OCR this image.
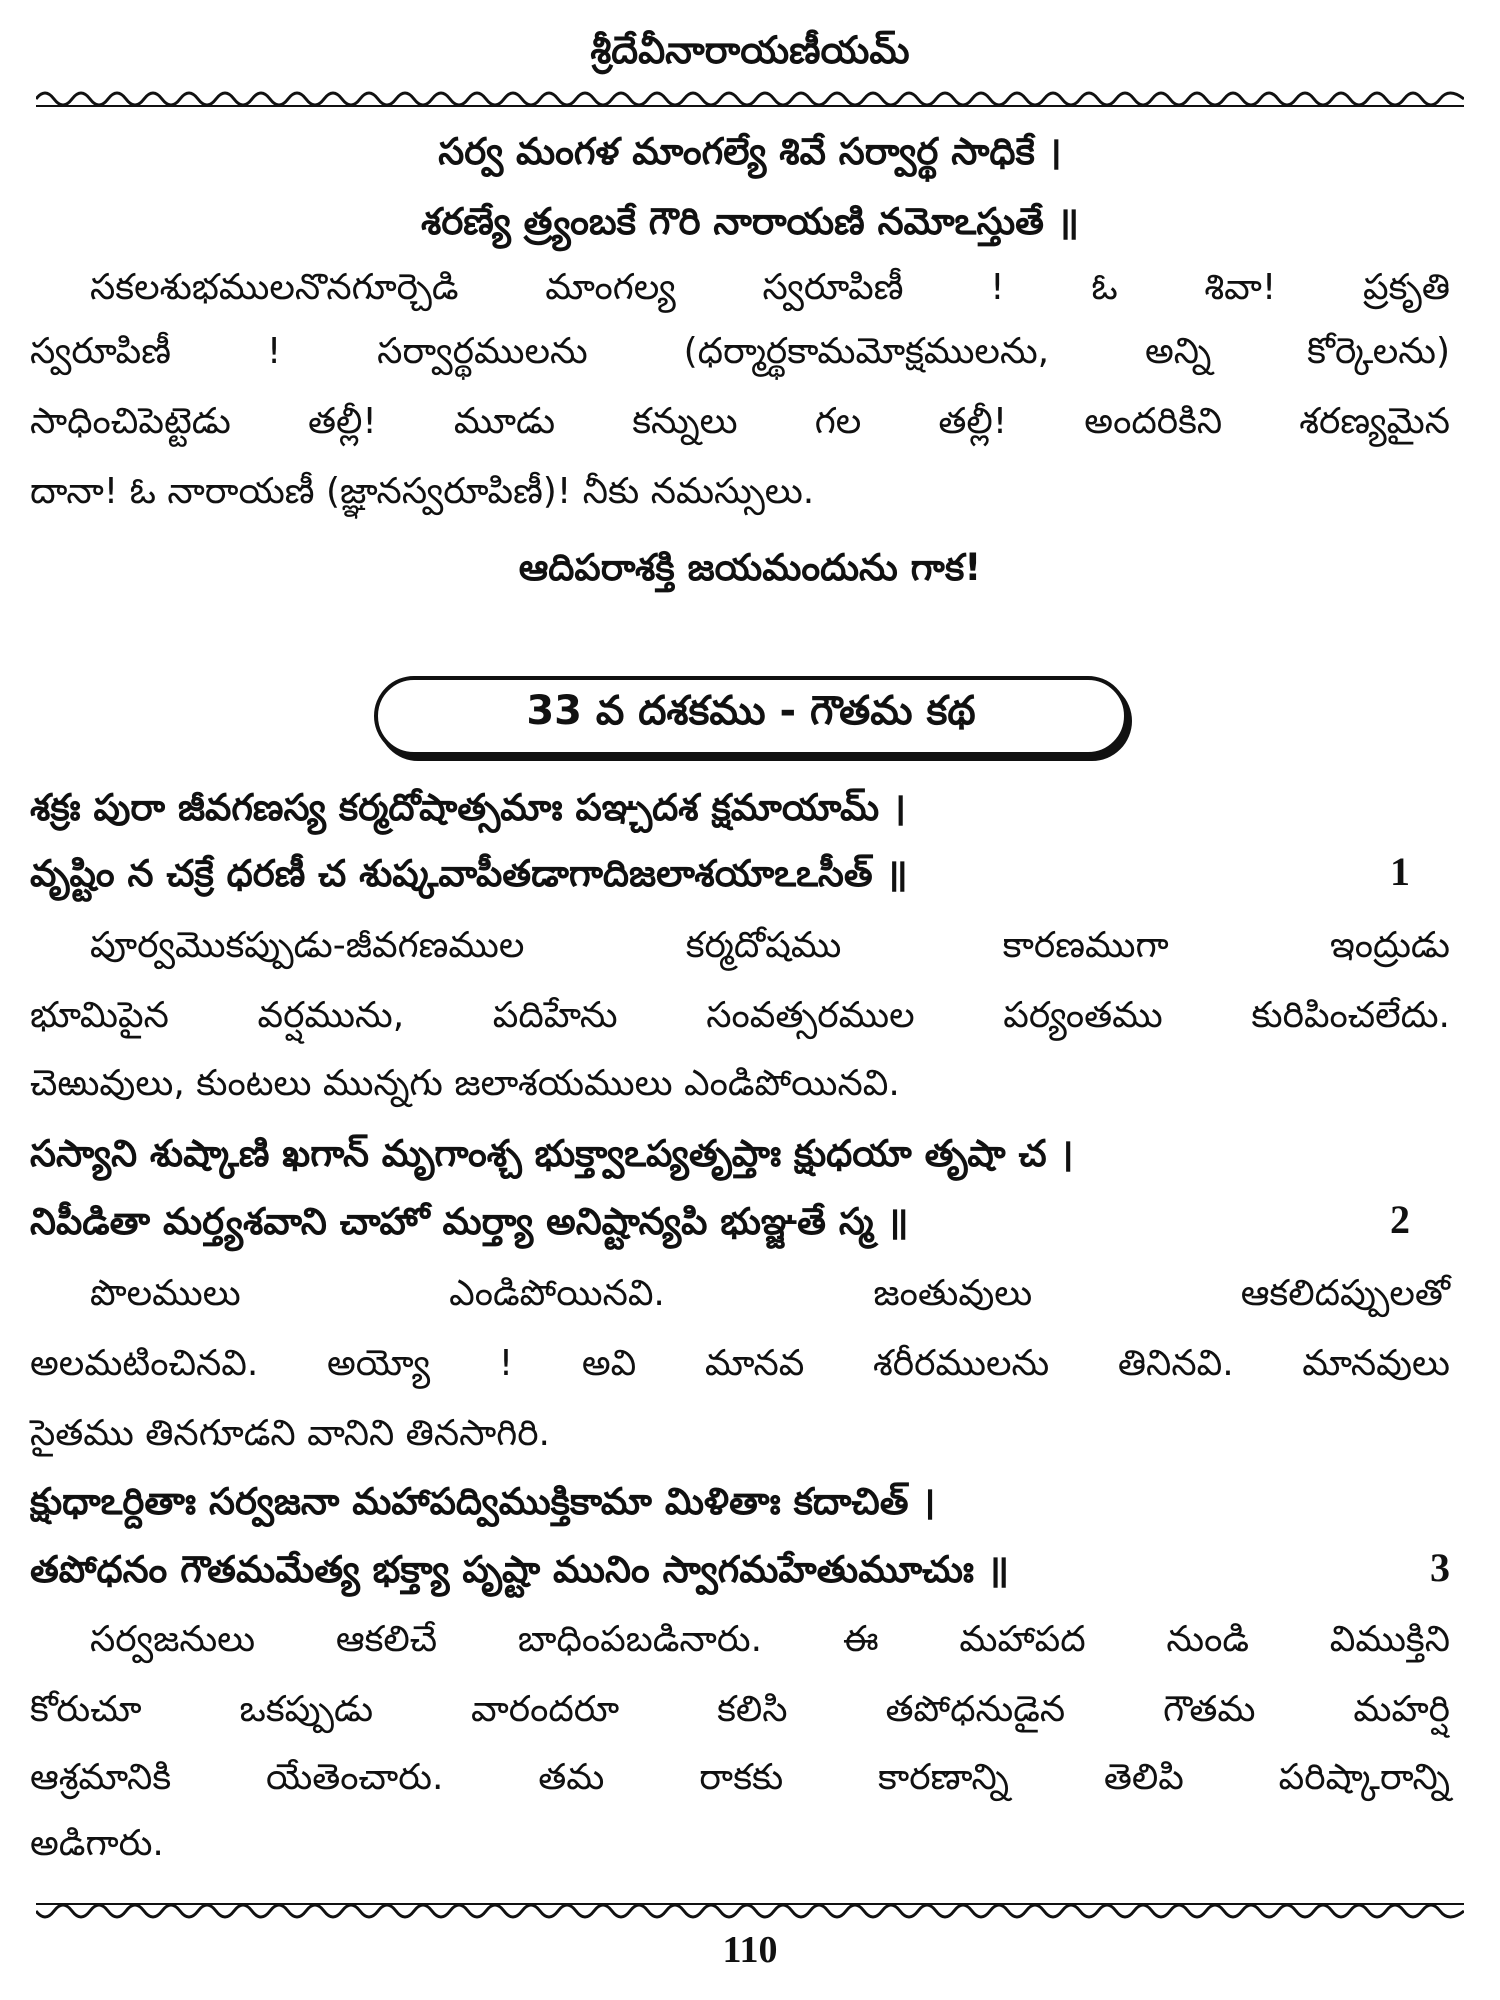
శ్రీదేవీనారాయణీయమ్
సర్వ మంగళ మాంగల్యే శివే సర్వార్థ సాధికే ।
శరణ్యే త్ర్యంబకే గౌరి నారాయణి నమోఽస్తుతే ॥
సకలశుభములనొనగూర్చెడి మాంగల్య స్వరూపిణీ ! ఓ శివా! ప్రకృతి
స్వరూపిణీ ! సర్వార్థములను (ధర్మార్థకామమోక్షములను, అన్ని కోర్కెలను)
సాధించిపెట్టెడు తల్లీ! మూడు కన్నులు గల తల్లీ! అందరికిని శరణ్యమైన
దానా! ఓ నారాయణీ (జ్ఞానస్వరూపిణీ)! నీకు నమస్సులు.
ఆదిపరాశక్తి జయమందును గాక!
33 వ దశకము - గౌతమ కథ
శక్రః పురా జీవగణస్య కర్మదోషాత్సమాః పఞ్చదశ క్షమాయామ్ ।
వృష్టిం న చక్రే ధరణీ చ శుష్కవాపీతడాగాదిజలాశయాఽఽసీత్ ॥	1
పూర్వమొకప్పుడు-జీవగణముల కర్మదోషము కారణముగా ఇంద్రుడు
భూమిపైన వర్షమును, పదిహేను సంవత్సరముల పర్యంతము కురిపించలేదు.
చెఱువులు, కుంటలు మున్నగు జలాశయములు ఎండిపోయినవి.
సస్యాని శుష్కాణి ఖగాన్ మృగాంశ్చ భుక్త్వాఽప్యతృప్తాః క్షుధయా తృషా చ ।
నిపీడితా మర్త్యశవాని చాహో మర్త్యా అనిష్టాన్యపి భుఞ్జతే స్మ ॥	2
పొలములు ఎండిపోయినవి. జంతువులు ఆకలిదప్పులతో
అలమటించినవి. అయ్యో ! అవి మానవ శరీరములను తినినవి. మానవులు
సైతము తినగూడని వానిని తినసాగిరి.
క్షుధాఽర్దితాః సర్వజనా మహాపద్విముక్తికామా మిళితాః కదాచిత్ ।
తపోధనం గౌతమమేత్య భక్త్యా పృష్టా మునిం స్వాగమహేతుమూచుః ॥	3
సర్వజనులు ఆకలిచే బాధింపబడినారు. ఈ మహాపద నుండి విముక్తిని
కోరుచూ ఒకప్పుడు వారందరూ కలిసి తపోధనుడైన గౌతమ మహర్షి
ఆశ్రమానికి యేతెంచారు. తమ రాకకు కారణాన్ని తెలిపి పరిష్కారాన్ని
అడిగారు.
110
